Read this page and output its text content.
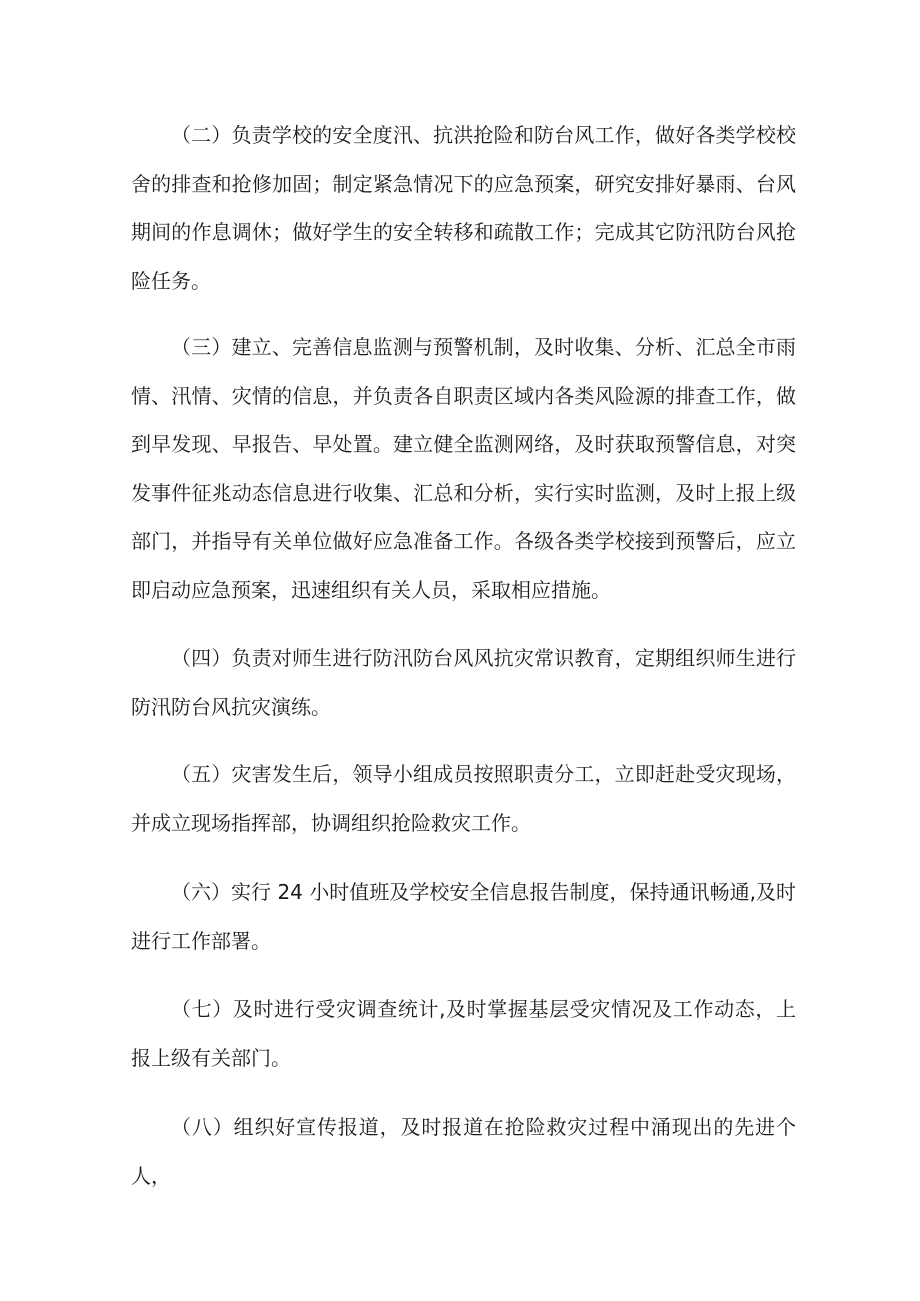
（二）负责学校的安全度汛、抗洪抢险和防台风工作，做好各类学校校舍的排查和抢修加固；制定紧急情况下的应急预案，研究安排好暴雨、台风期间的作息调休；做好学生的安全转移和疏散工作；完成其它防汛防台风抢险任务。

（三）建立、完善信息监测与预警机制，及时收集、分析、汇总全市雨情、汛情、灾情的信息，并负责各自职责区域内各类风险源的排查工作，做到早发现、早报告、早处置。建立健全监测网络，及时获取预警信息，对突发事件征兆动态信息进行收集、汇总和分析，实行实时监测，及时上报上级部门，并指导有关单位做好应急准备工作。各级各类学校接到预警后，应立即启动应急预案，迅速组织有关人员，采取相应措施。

（四）负责对师生进行防汛防台风风抗灾常识教育，定期组织师生进行防汛防台风抗灾演练。

（五）灾害发生后，领导小组成员按照职责分工，立即赶赴受灾现场，并成立现场指挥部，协调组织抢险救灾工作。

（六）实行 24 小时值班及学校安全信息报告制度，保持通讯畅通,及时进行工作部署。

（七）及时进行受灾调查统计,及时掌握基层受灾情况及工作动态，上报上级有关部门。

（八）组织好宣传报道，及时报道在抢险救灾过程中涌现出的先进个人，
